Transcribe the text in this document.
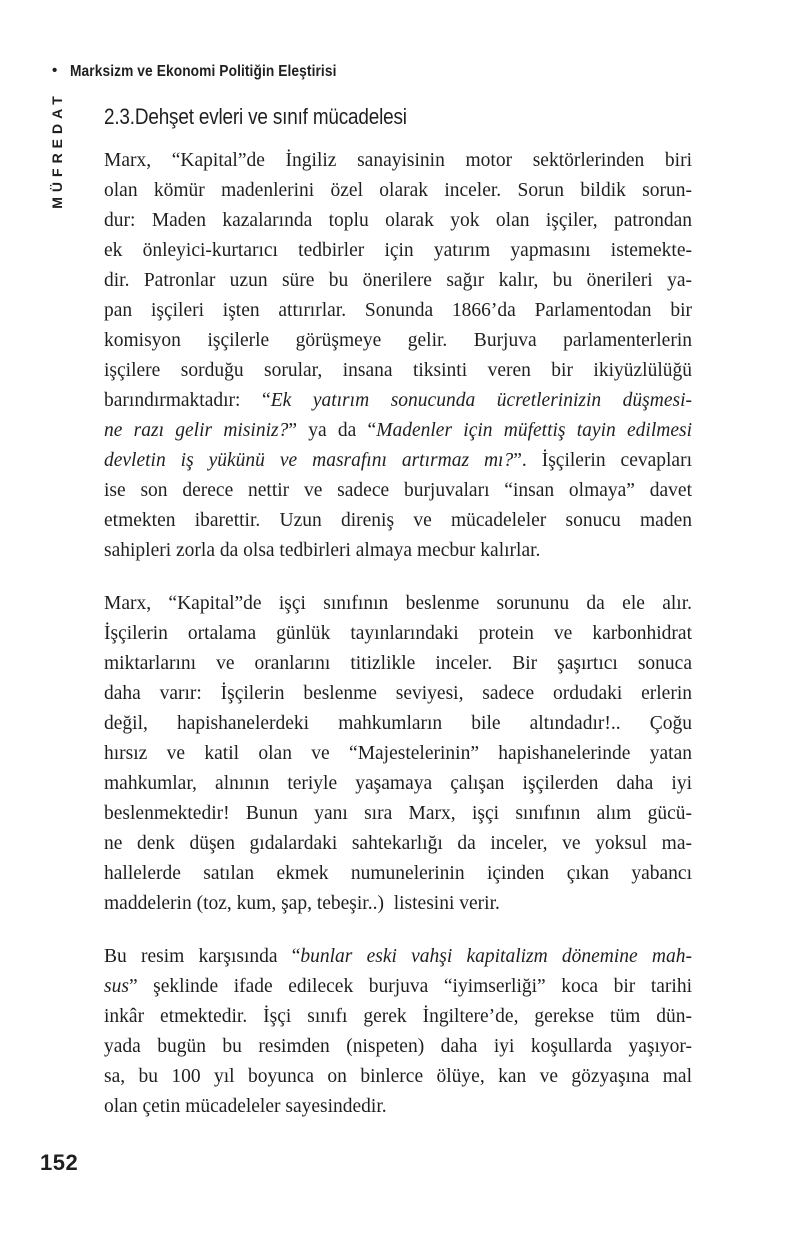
• Marksizm ve Ekonomi Politiğin Eleştirisi
MÜFREDAT 2.3.Dehşet evleri ve sınıf mücadelesi
Marx, “Kapital”de İngiliz sanayisinin motor sektörlerinden biri
olan kömür madenlerini özel olarak inceler. Sorun bildik sorun-
dur: Maden kazalarında toplu olarak yok olan işçiler, patrondan
ek önleyici-kurtarıcı tedbirler için yatırım yapmasını istemekte-
dir. Patronlar uzun süre bu önerilere sağır kalır, bu önerileri ya-
pan işçileri işten attırırlar. Sonunda 1866’da Parlamentodan bir
komisyon işçilerle görüşmeye gelir. Burjuva parlamenterlerin
işçilere sorduğu sorular, insana tiksinti veren bir ikiyüzlülüğü
barındırmaktadır: “Ek yatırım sonucunda ücretlerinizin düşmesi-
ne razı gelir misiniz?” ya da “Madenler için müfettiş tayin edilmesi
devletin iş yükünü ve masrafını artırmaz mı?”. İşçilerin cevapları
ise son derece nettir ve sadece burjuvaları “insan olmaya” davet
etmekten ibarettir. Uzun direniş ve mücadeleler sonucu maden
sahipleri zorla da olsa tedbirleri almaya mecbur kalırlar.
Marx, “Kapital”de işçi sınıfının beslenme sorununu da ele alır.
İşçilerin ortalama günlük tayınlarındaki protein ve karbonhidrat
miktarlarını ve oranlarını titizlikle inceler. Bir şaşırtıcı sonuca
daha varır: İşçilerin beslenme seviyesi, sadece ordudaki erlerin
değil, hapishanelerdeki mahkumların bile altındadır!.. Çoğu
hırsız ve katil olan ve “Majestelerinin” hapishanelerinde yatan
mahkumlar, alnının teriyle yaşamaya çalışan işçilerden daha iyi
beslenmektedir! Bunun yanı sıra Marx, işçi sınıfının alım gücü-
ne denk düşen gıdalardaki sahtekarlığı da inceler, ve yoksul ma-
hallelerde satılan ekmek numunelerinin içinden çıkan yabancı
maddelerin (toz, kum, şap, tebeşir..)  listesini verir.
Bu resim karşısında “bunlar eski vahşi kapitalizm dönemine mah-
sus” şeklinde ifade edilecek burjuva “iyimserliği” koca bir tarihi
inkâr etmektedir. İşçi sınıfı gerek İngiltere’de, gerekse tüm dün-
yada bugün bu resimden (nispeten) daha iyi koşullarda yaşıyor-
sa, bu 100 yıl boyunca on binlerce ölüye, kan ve gözyaşına mal
olan çetin mücadeleler sayesindedir.
152
